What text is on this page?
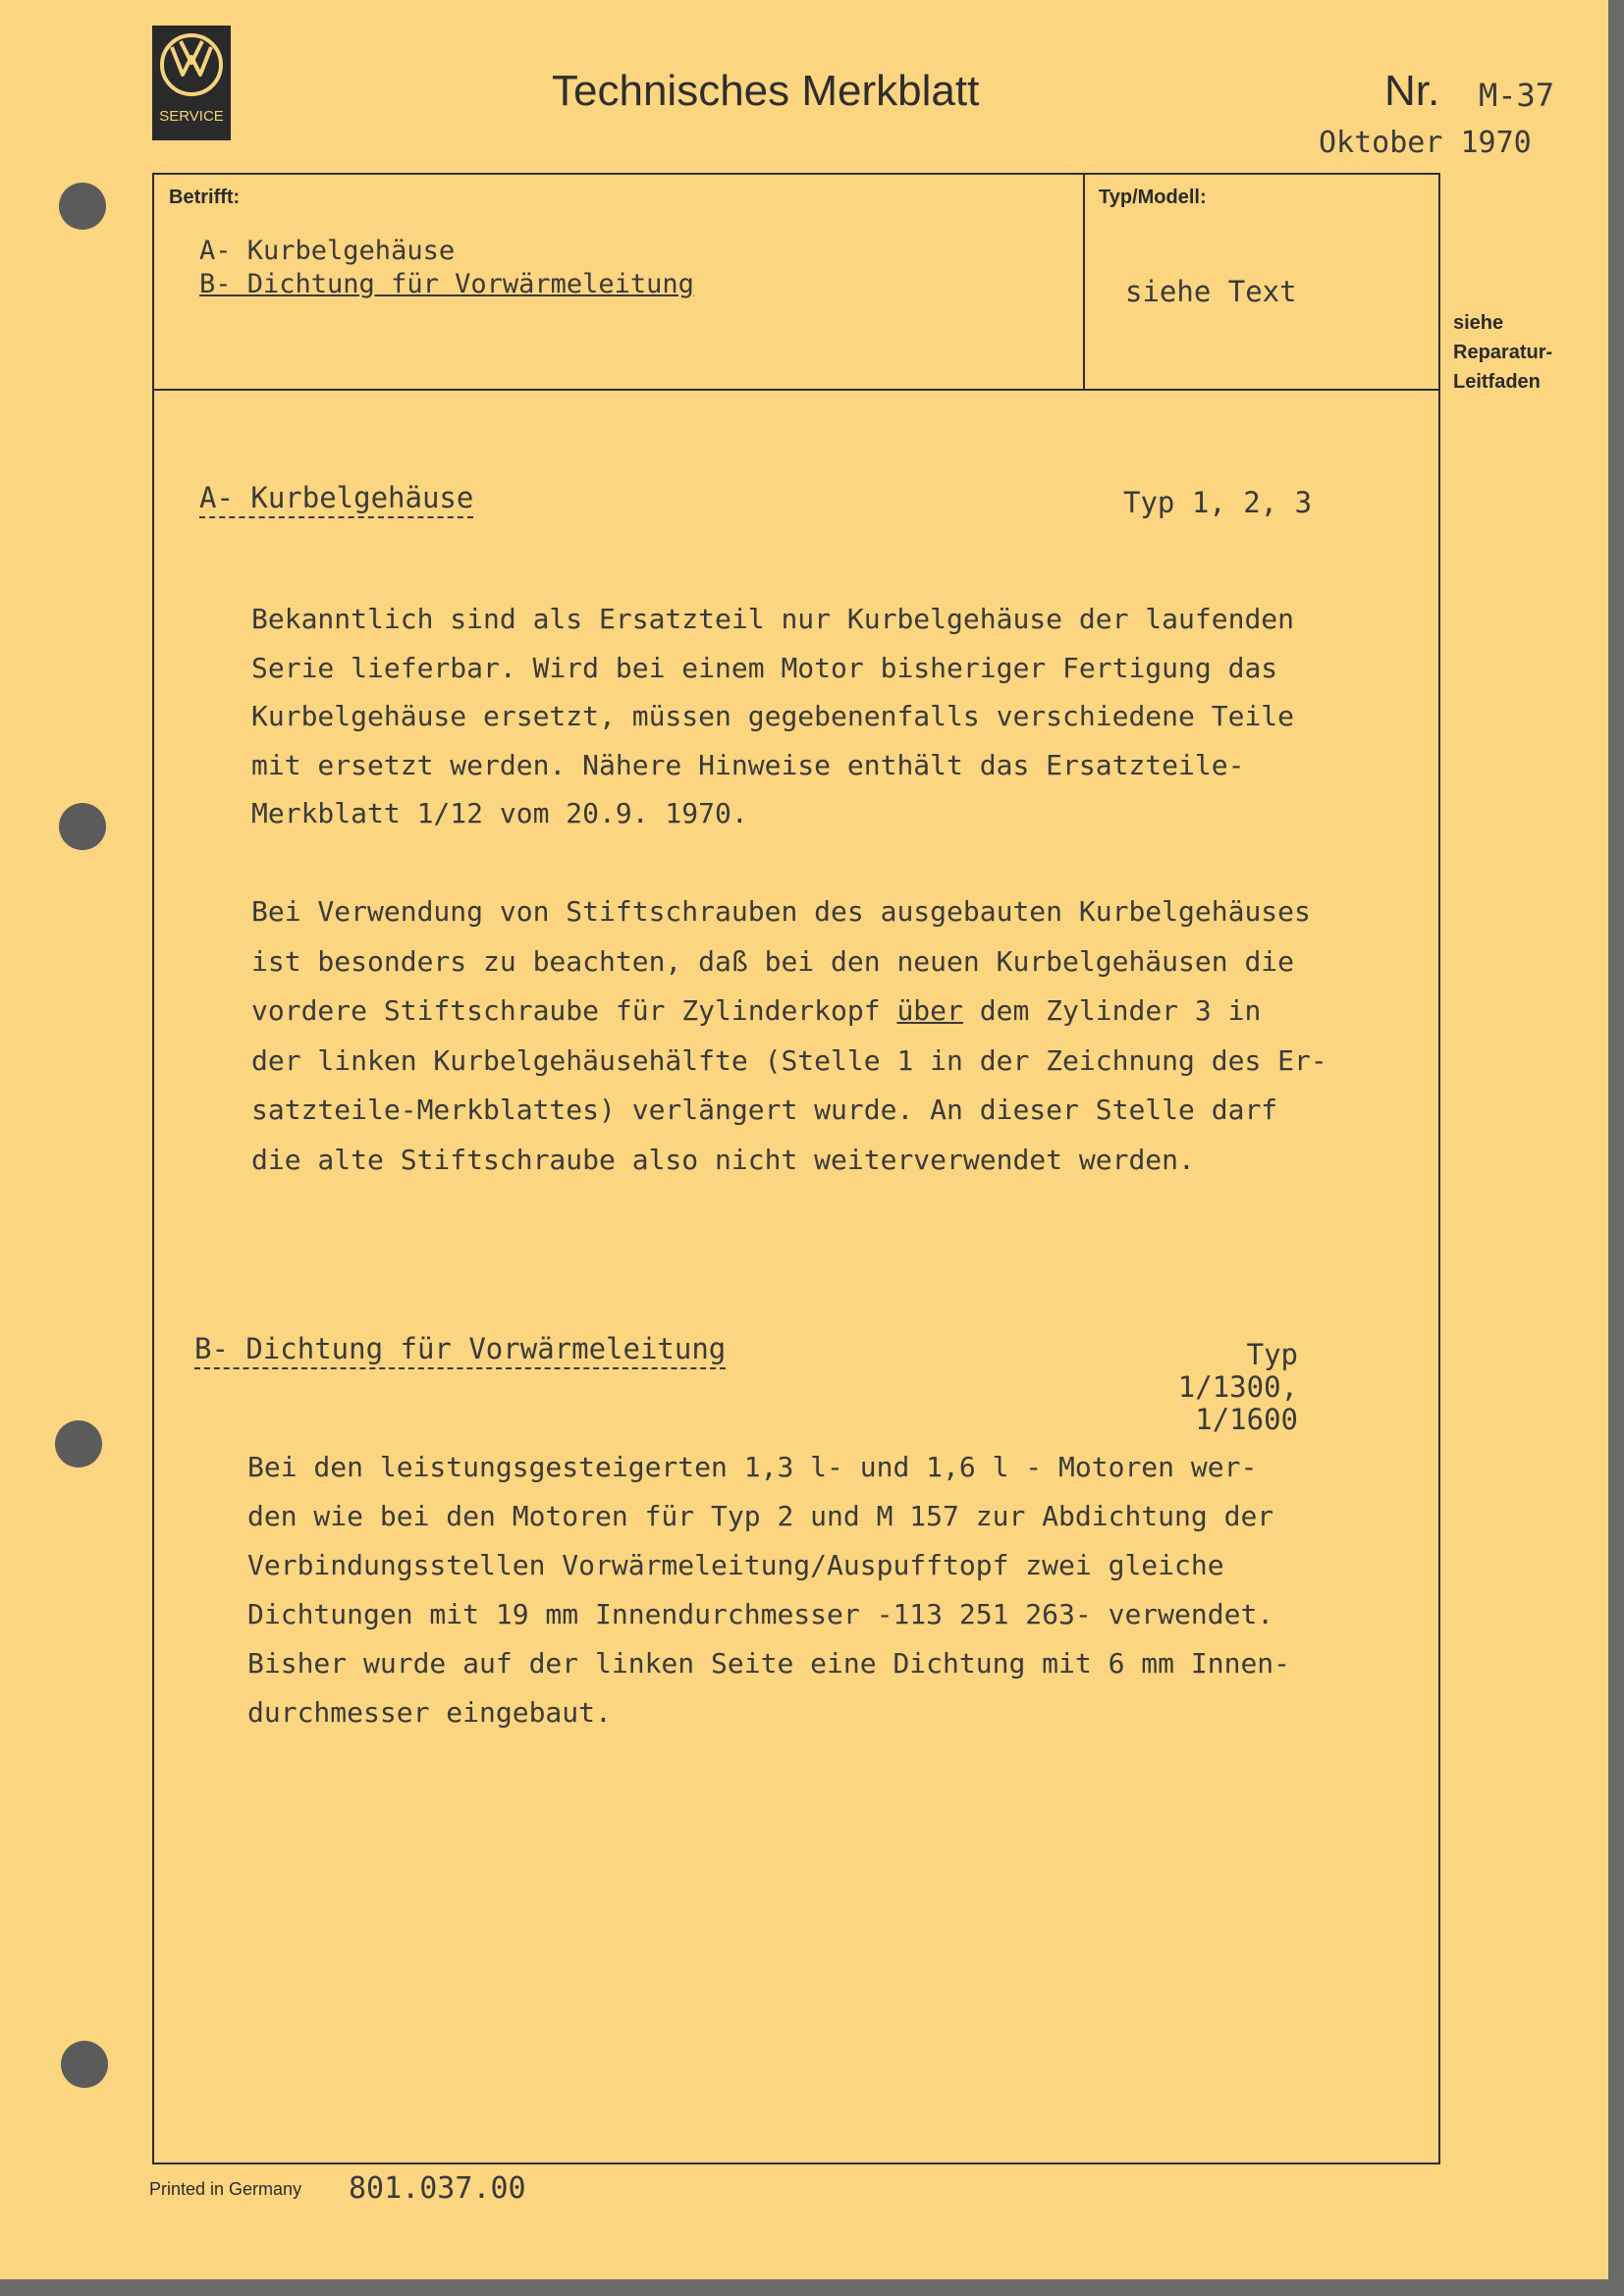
SERVICE
Technisches Merkblatt	Nr. M-37
Oktober 1970
Betrifft:
A- Kurbelgehäuse
B- Dichtung für Vorwärmeleitung
Typ/Modell:
siehe Text
siehe
Reparatur-
Leitfaden
A- Kurbelgehäuse	Typ 1, 2, 3
Bekanntlich sind als Ersatzteil nur Kurbelgehäuse der laufenden
Serie lieferbar. Wird bei einem Motor bisheriger Fertigung das
Kurbelgehäuse ersetzt, müssen gegebenenfalls verschiedene Teile
mit ersetzt werden. Nähere Hinweise enthält das Ersatzteile-
Merkblatt 1/12 vom 20.9. 1970.
Bei Verwendung von Stiftschrauben des ausgebauten Kurbelgehäuses
ist besonders zu beachten, daß bei den neuen Kurbelgehäusen die
vordere Stiftschraube für Zylinderkopf über dem Zylinder 3 in
der linken Kurbelgehäusehälfte (Stelle 1 in der Zeichnung des Er-
satzteile-Merkblattes) verlängert wurde. An dieser Stelle darf
die alte Stiftschraube also nicht weiterverwendet werden.
B- Dichtung für Vorwärmeleitung	Typ 1/1300,
1/1600
Bei den leistungsgesteigerten 1,3 l- und 1,6 l - Motoren wer-
den wie bei den Motoren für Typ 2 und M 157 zur Abdichtung der
Verbindungsstellen Vorwärmeleitung/Auspufftopf zwei gleiche
Dichtungen mit 19 mm Innendurchmesser -113 251 263- verwendet.
Bisher wurde auf der linken Seite eine Dichtung mit 6 mm Innen-
durchmesser eingebaut.
Printed in Germany 801.037.00
